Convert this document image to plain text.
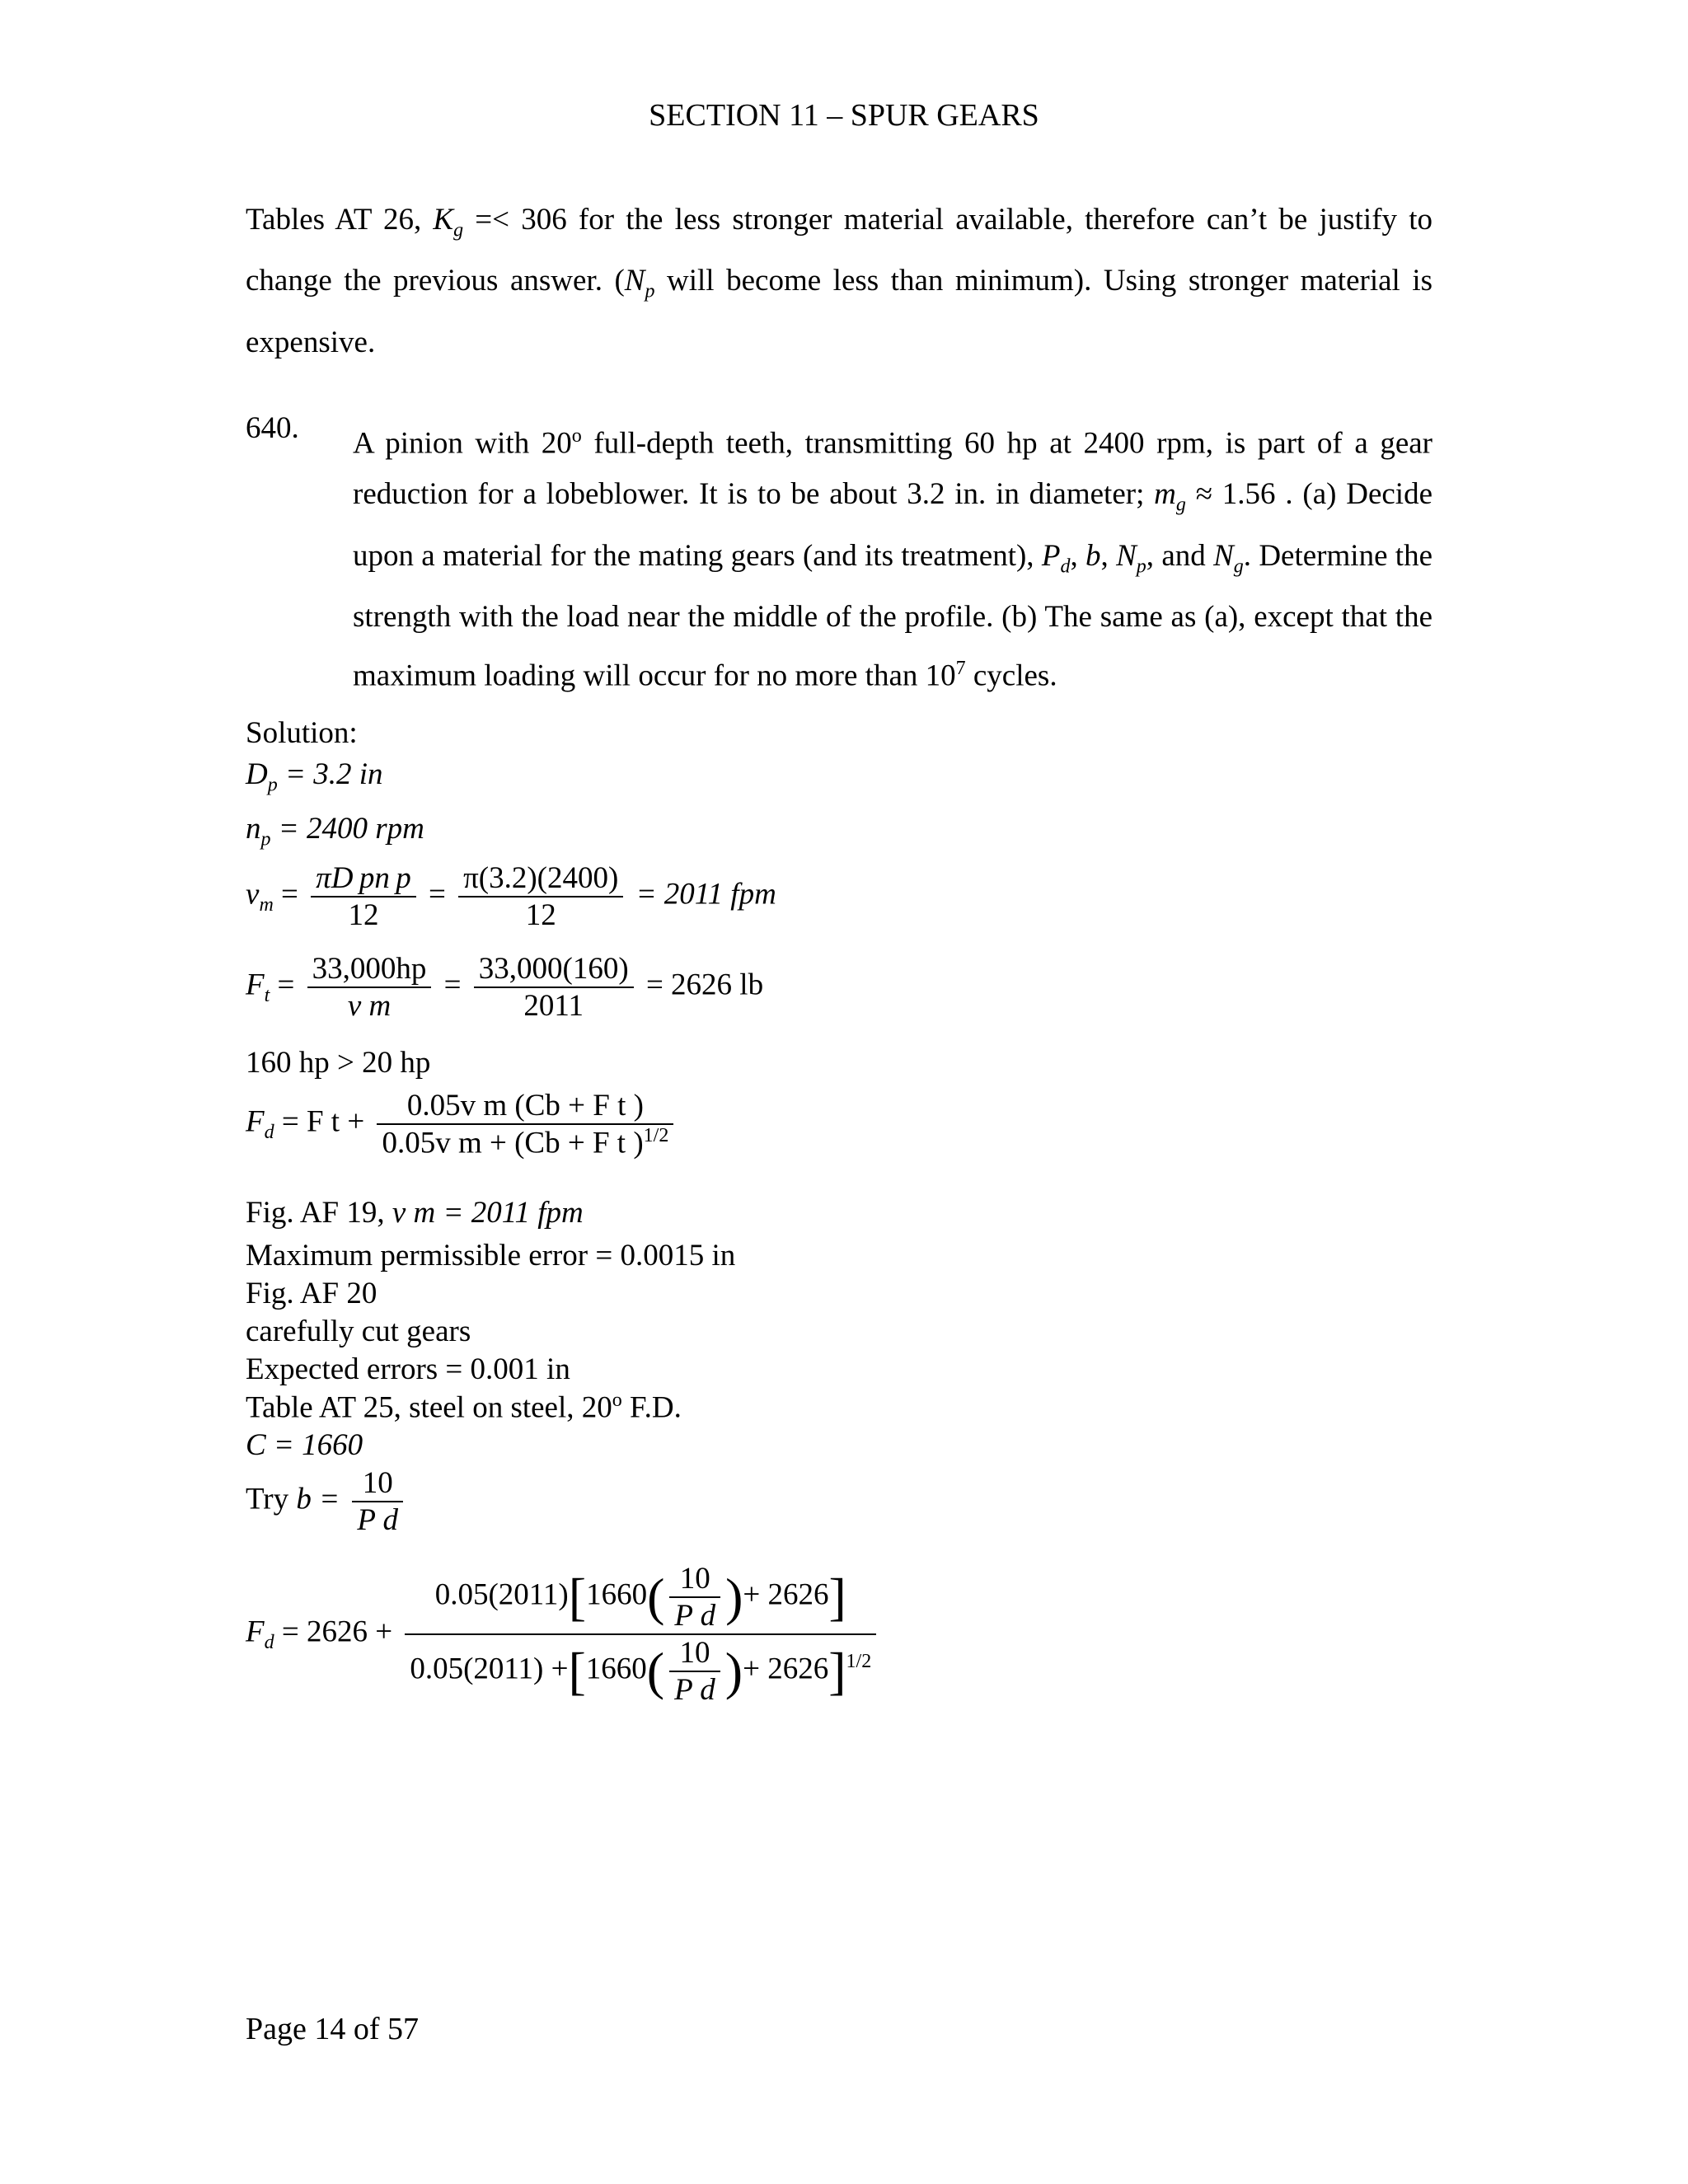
SECTION 11 – SPUR GEARS
Tables AT 26, $K_g =< 306$ for the less stronger material available, therefore can’t be justify to change the previous answer. ($N_p$ will become less than minimum). Using stronger material is expensive.
640. A pinion with 20$^o$ full-depth teeth, transmitting 60 hp at 2400 rpm, is part of a gear reduction for a lobeblower. It is to be about 3.2 in. in diameter; $m_g \approx 1.56$ . (a) Decide upon a material for the mating gears (and its treatment), $P_d$, b, $N_p$, and $N_g$. Determine the strength with the load near the middle of the profile. (b) The same as (a), except that the maximum loading will occur for no more than $10^7$ cycles.
Solution:
$D_p = 3.2$ in
$n_p = 2400$ rpm
$v_m = \frac{\text{πD pn p}}{12} = \frac{\pi(3.2)(2400)}{12} = 2011$ fpm
$F_t = \frac{33,000hp}{\text{v m}} = \frac{33,000(160)}{2011} = 2626$ lb
160 hp > 20 hp
$F_d = F$ $t + \frac{\text{0.05v m (Cb + F t )}}{0.05v m + (Cb + F t )^{1/2}}$
Fig. AF 19, v m = 2011 fpm
Maximum permissible error = 0.0015 in
Fig. AF 20
carefully cut gears
Expected errors = 0.001 in
Table AT 25, steel on steel, 20$^o$ F.D.
C = 1660
Try $b = \frac{10}{\text{P d}}$
$F_d = 2626 + \frac{0.05(2011)[1660( \frac{10}{\text{P d}} )+ 2626]}{0.05(2011) +[1660( \frac{10}{\text{P d}} )+ 2626]^{1/2}}$
Page 14 of 57
